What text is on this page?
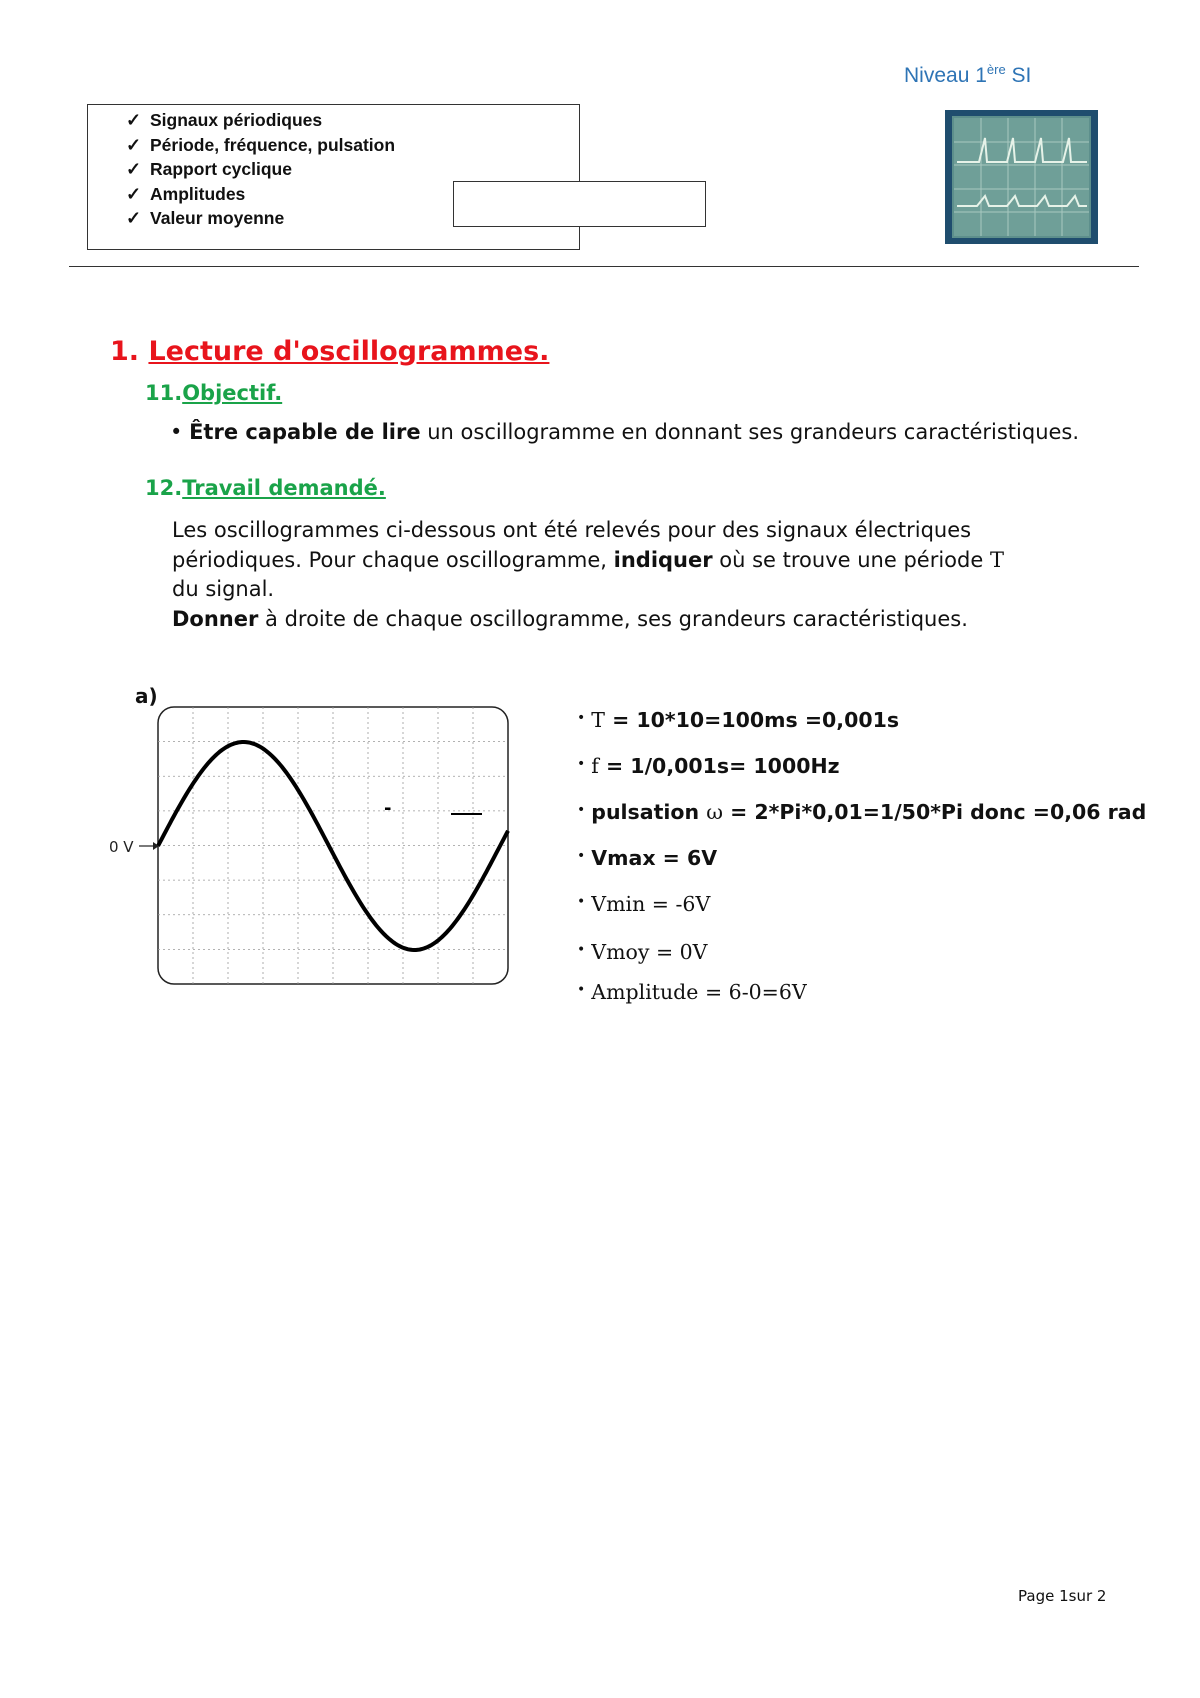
Niveau 1ère SI
✓ Signaux périodiques
✓ Période, fréquence, pulsation
✓ Rapport cyclique
✓ Amplitudes
✓ Valeur moyenne
1. Lecture d'oscillogrammes.
11.Objectif.
• Être capable de lire un oscillogramme en donnant ses grandeurs caractéristiques.
12.Travail demandé.
Les oscillogrammes ci-dessous ont été relevés pour des signaux électriques
périodiques. Pour chaque oscillogramme, indiquer où se trouve une période T
du signal.
Donner à droite de chaque oscillogramme, ses grandeurs caractéristiques.
a)
0 V
-
• T = 10*10=100ms =0,001s
• f = 1/0,001s= 1000Hz
• pulsation ω = 2*Pi*0,01=1/50*Pi donc =0,06 rad
• Vmax = 6V
• Vmin = -6V
• Vmoy = 0V
• Amplitude = 6-0=6V
Page 1sur 2
